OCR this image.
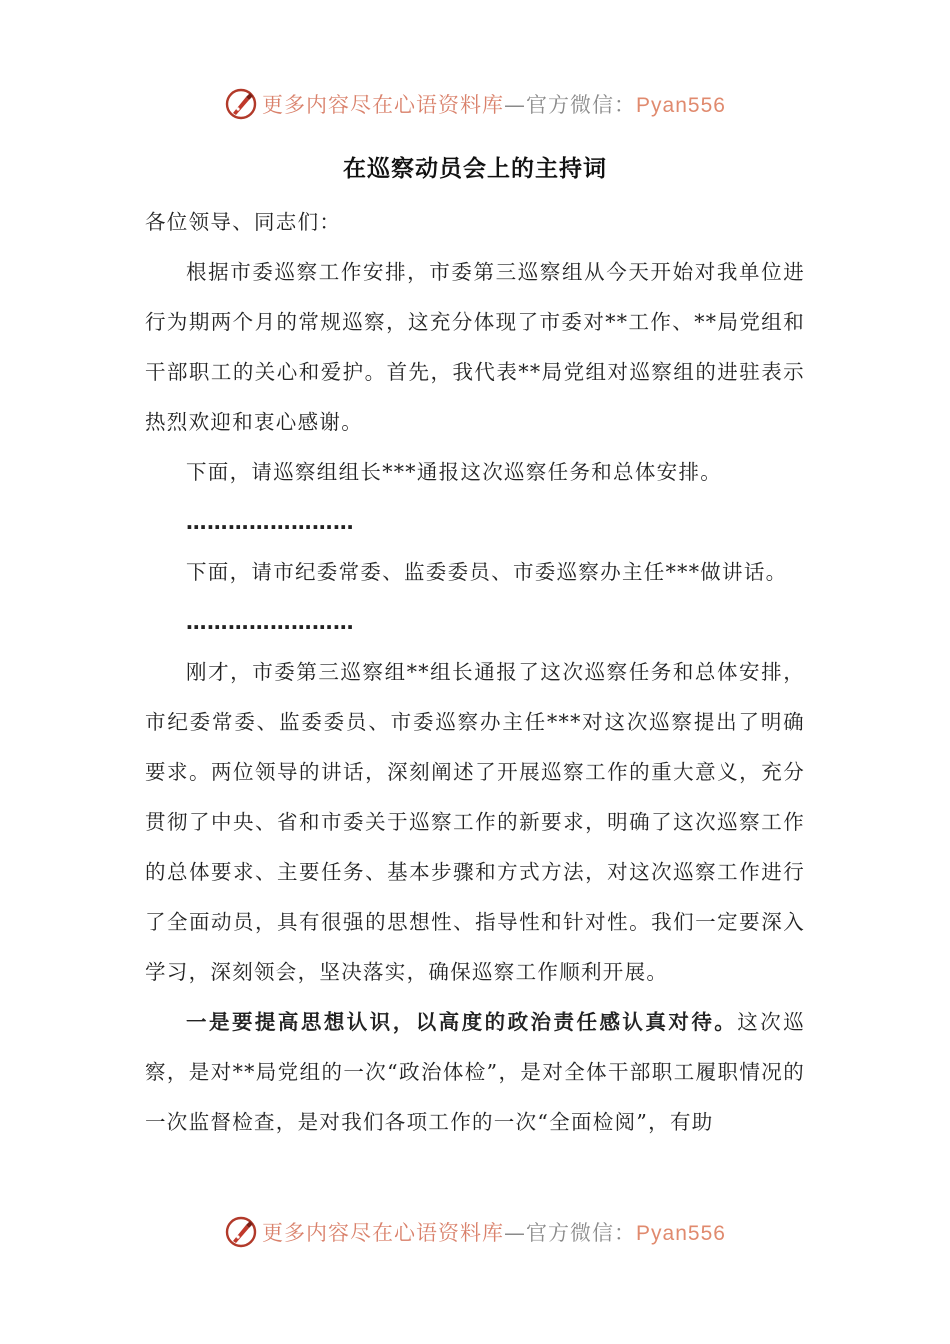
更多内容尽在心语资料库—官方微信：Pyan556
在巡察动员会上的主持词

各位领导、同志们：

根据市委巡察工作安排，市委第三巡察组从今天开始对我单位进行为期两个月的常规巡察，这充分体现了市委对**工作、**局党组和干部职工的关心和爱护。首先，我代表**局党组对巡察组的进驻表示热烈欢迎和衷心感谢。

下面，请巡察组组长***通报这次巡察任务和总体安排。

……………………

下面，请市纪委常委、监委委员、市委巡察办主任***做讲话。

……………………

刚才，市委第三巡察组**组长通报了这次巡察任务和总体安排，市纪委常委、监委委员、市委巡察办主任***对这次巡察提出了明确要求。两位领导的讲话，深刻阐述了开展巡察工作的重大意义，充分贯彻了中央、省和市委关于巡察工作的新要求，明确了这次巡察工作的总体要求、主要任务、基本步骤和方式方法，对这次巡察工作进行了全面动员，具有很强的思想性、指导性和针对性。我们一定要深入学习，深刻领会，坚决落实，确保巡察工作顺利开展。

一是要提高思想认识，以高度的政治责任感认真对待。这次巡察，是对**局党组的一次“政治体检”，是对全体干部职工履职情况的一次监督检查，是对我们各项工作的一次“全面检阅”，有助

更多内容尽在心语资料库—官方微信：Pyan556
